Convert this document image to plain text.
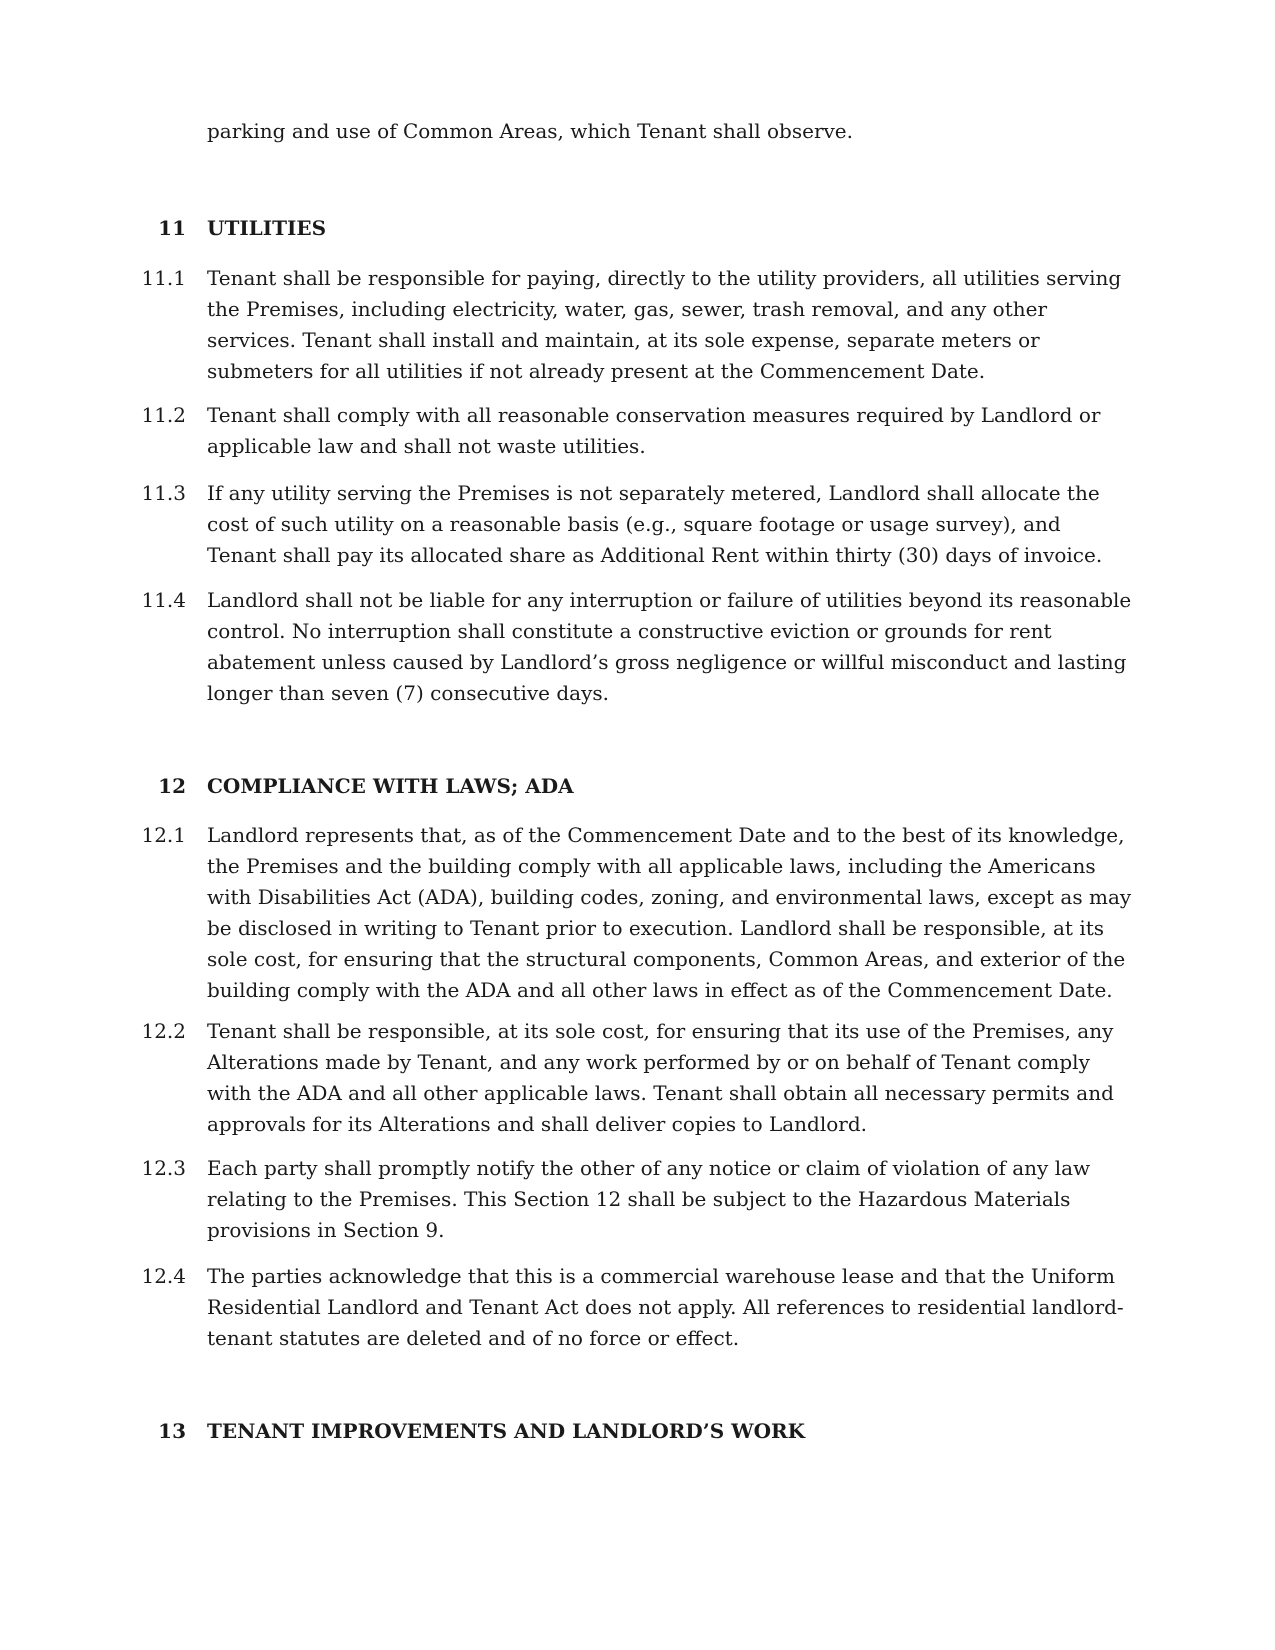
parking and use of Common Areas, which Tenant shall observe.

11 UTILITIES
11.1 Tenant shall be responsible for paying, directly to the utility providers, all utilities serving the Premises, including electricity, water, gas, sewer, trash removal, and any other services. Tenant shall install and maintain, at its sole expense, separate meters or submeters for all utilities if not already present at the Commencement Date.

11.2 Tenant shall comply with all reasonable conservation measures required by Landlord or applicable law and shall not waste utilities.

11.3 If any utility serving the Premises is not separately metered, Landlord shall allocate the cost of such utility on a reasonable basis (e.g., square footage or usage survey), and Tenant shall pay its allocated share as Additional Rent within thirty (30) days of invoice.

11.4 Landlord shall not be liable for any interruption or failure of utilities beyond its reasonable control. No interruption shall constitute a constructive eviction or grounds for rent abatement unless caused by Landlord’s gross negligence or willful misconduct and lasting longer than seven (7) consecutive days.

12 COMPLIANCE WITH LAWS; ADA
12.1 Landlord represents that, as of the Commencement Date and to the best of its knowledge, the Premises and the building comply with all applicable laws, including the Americans with Disabilities Act (ADA), building codes, zoning, and environmental laws, except as may be disclosed in writing to Tenant prior to execution. Landlord shall be responsible, at its sole cost, for ensuring that the structural components, Common Areas, and exterior of the building comply with the ADA and all other laws in effect as of the Commencement Date.

12.2 Tenant shall be responsible, at its sole cost, for ensuring that its use of the Premises, any Alterations made by Tenant, and any work performed by or on behalf of Tenant comply with the ADA and all other applicable laws. Tenant shall obtain all necessary permits and approvals for its Alterations and shall deliver copies to Landlord.

12.3 Each party shall promptly notify the other of any notice or claim of violation of any law relating to the Premises. This Section 12 shall be subject to the Hazardous Materials provisions in Section 9.

12.4 The parties acknowledge that this is a commercial warehouse lease and that the Uniform Residential Landlord and Tenant Act does not apply. All references to residential landlord-tenant statutes are deleted and of no force or effect.

13 TENANT IMPROVEMENTS AND LANDLORD’S WORK
